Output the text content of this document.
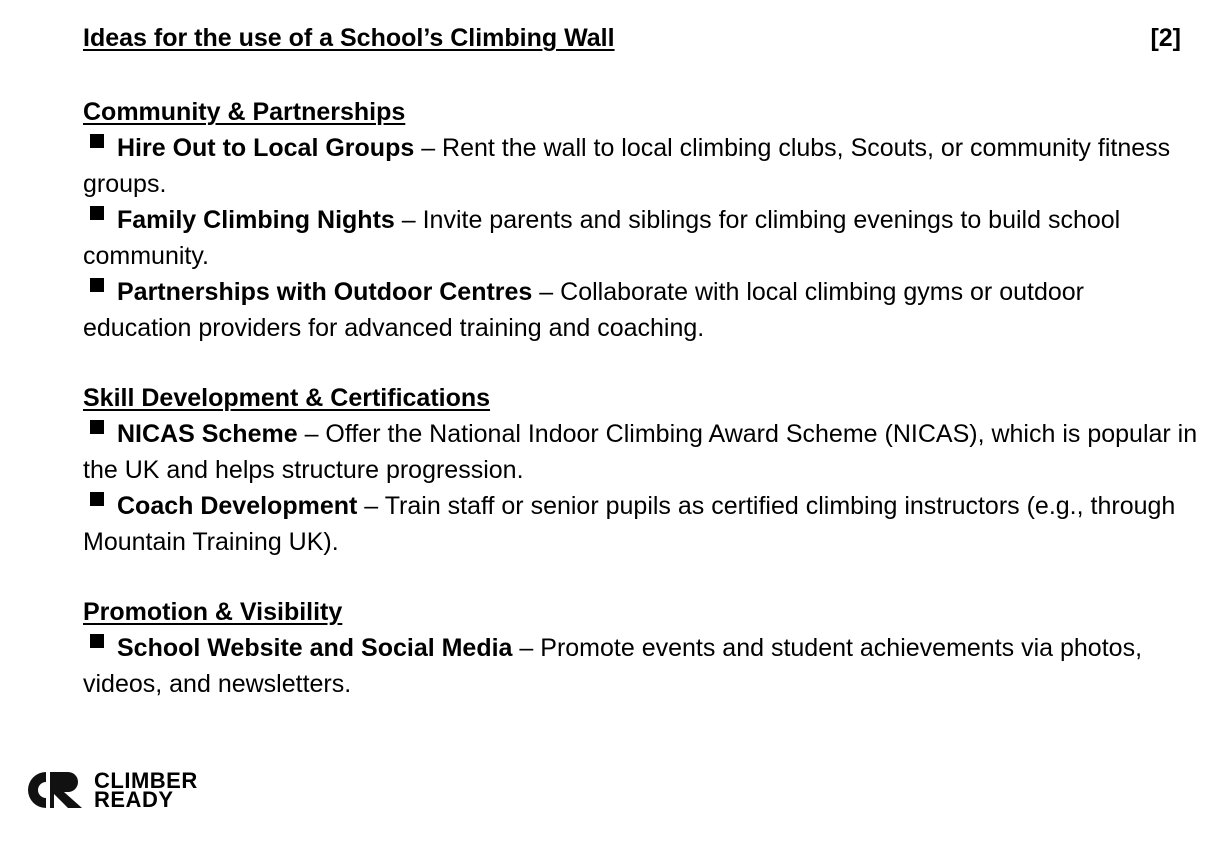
Ideas for the use of a School’s Climbing Wall	[2]
Community & Partnerships
Hire Out to Local Groups – Rent the wall to local climbing clubs, Scouts, or community fitness groups.
Family Climbing Nights – Invite parents and siblings for climbing evenings to build school community.
Partnerships with Outdoor Centres – Collaborate with local climbing gyms or outdoor education providers for advanced training and coaching.
Skill Development & Certifications
NICAS Scheme – Offer the National Indoor Climbing Award Scheme (NICAS), which is popular in the UK and helps structure progression.
Coach Development – Train staff or senior pupils as certified climbing instructors (e.g., through Mountain Training UK).
Promotion & Visibility
School Website and Social Media – Promote events and student achievements via photos, videos, and newsletters.
CLIMBER
READY
